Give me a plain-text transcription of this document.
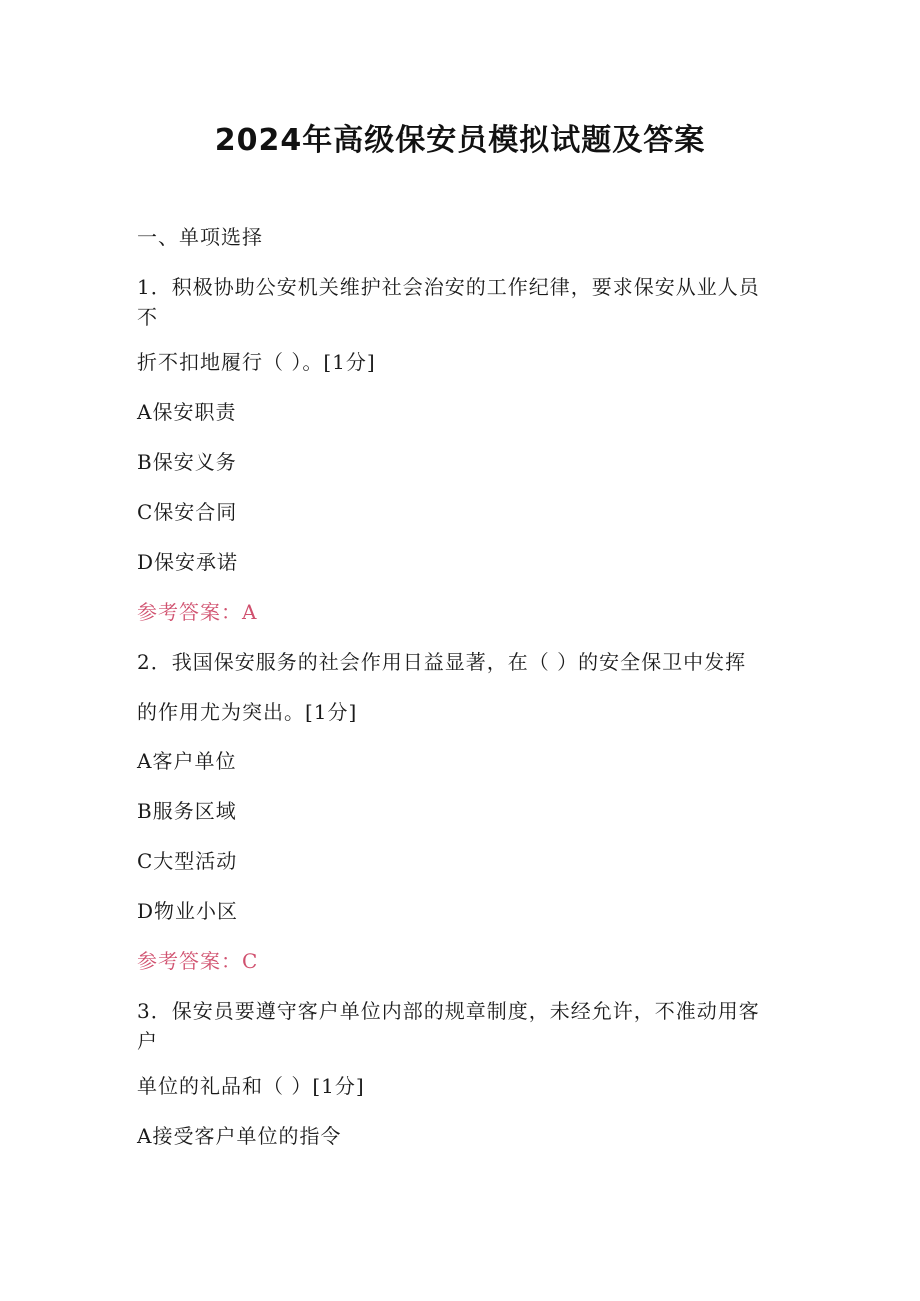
2024年高级保安员模拟试题及答案
一、单项选择
1．积极协助公安机关维护社会治安的工作纪律，要求保安从业人员
不
折不扣地履行（ ）。[1分]
A保安职责
B保安义务
C保安合同
D保安承诺
参考答案：A
2．我国保安服务的社会作用日益显著，在（ ）的安全保卫中发挥
的作用尤为突出。[1分]
A客户单位
B服务区域
C大型活动
D物业小区
参考答案：C
3．保安员要遵守客户单位内部的规章制度，未经允许，不准动用客
户
单位的礼品和（ ）[1分]
A接受客户单位的指令
